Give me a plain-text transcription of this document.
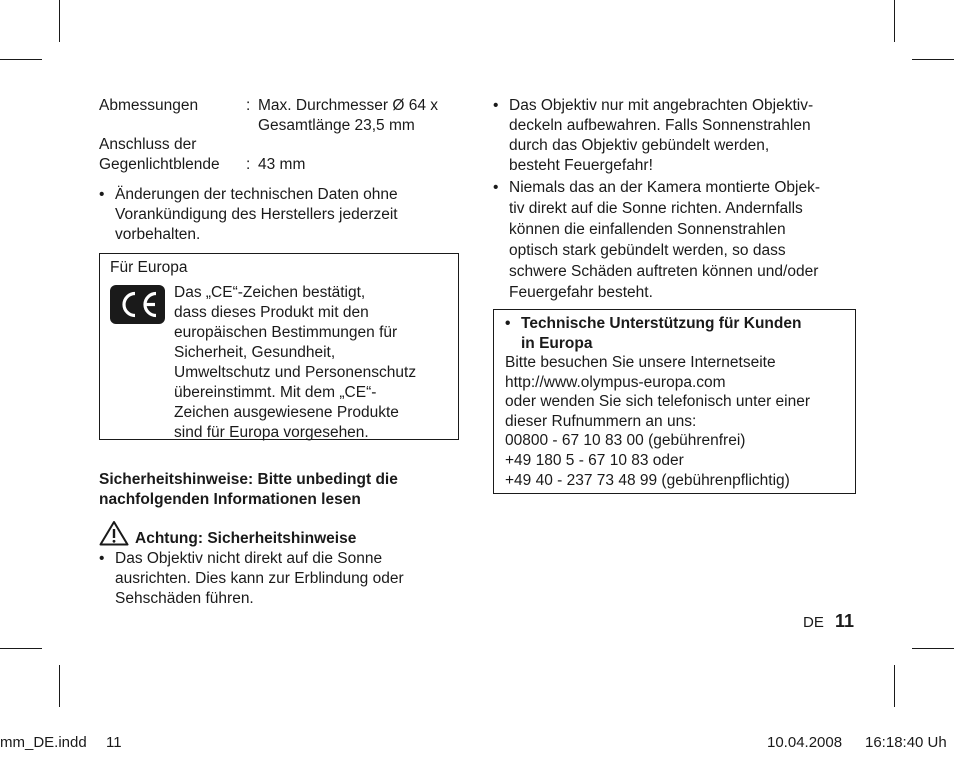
Abmessungen	: Max. Durchmesser Ø 64 x
Gesamtlänge 23,5 mm
Anschluss der
Gegenlichtblende	: 43 mm
• Änderungen der technischen Daten ohne
Vorankündigung des Herstellers jederzeit
vorbehalten.
Für Europa
Das „CE“-Zeichen bestätigt,
dass dieses Produkt mit den
europäischen Bestimmungen für
Sicherheit, Gesundheit,
Umweltschutz und Personenschutz
übereinstimmt. Mit dem „CE“-
Zeichen ausgewiesene Produkte
sind für Europa vorgesehen.
Sicherheitshinweise: Bitte unbedingt die
nachfolgenden Informationen lesen
Achtung: Sicherheitshinweise
• Das Objektiv nicht direkt auf die Sonne
ausrichten. Dies kann zur Erblindung oder
Sehschäden führen.
• Das Objektiv nur mit angebrachten Objektiv-
deckeln aufbewahren. Falls Sonnenstrahlen
durch das Objektiv gebündelt werden,
besteht Feuergefahr!
• Niemals das an der Kamera montierte Objek-
tiv direkt auf die Sonne richten. Andernfalls
können die einfallenden Sonnenstrahlen
optisch stark gebündelt werden, so dass
schwere Schäden auftreten können und/oder
Feuergefahr besteht.
• Technische Unterstützung für Kunden
in Europa
Bitte besuchen Sie unsere Internetseite
http://www.olympus-europa.com
oder wenden Sie sich telefonisch unter einer
dieser Rufnummern an uns:
00800 - 67 10 83 00 (gebührenfrei)
+49 180 5 - 67 10 83 oder
+49 40 - 237 73 48 99 (gebührenpflichtig)
DE 11
mm_DE.indd 11	10.04.2008 16:18:40 Uh
